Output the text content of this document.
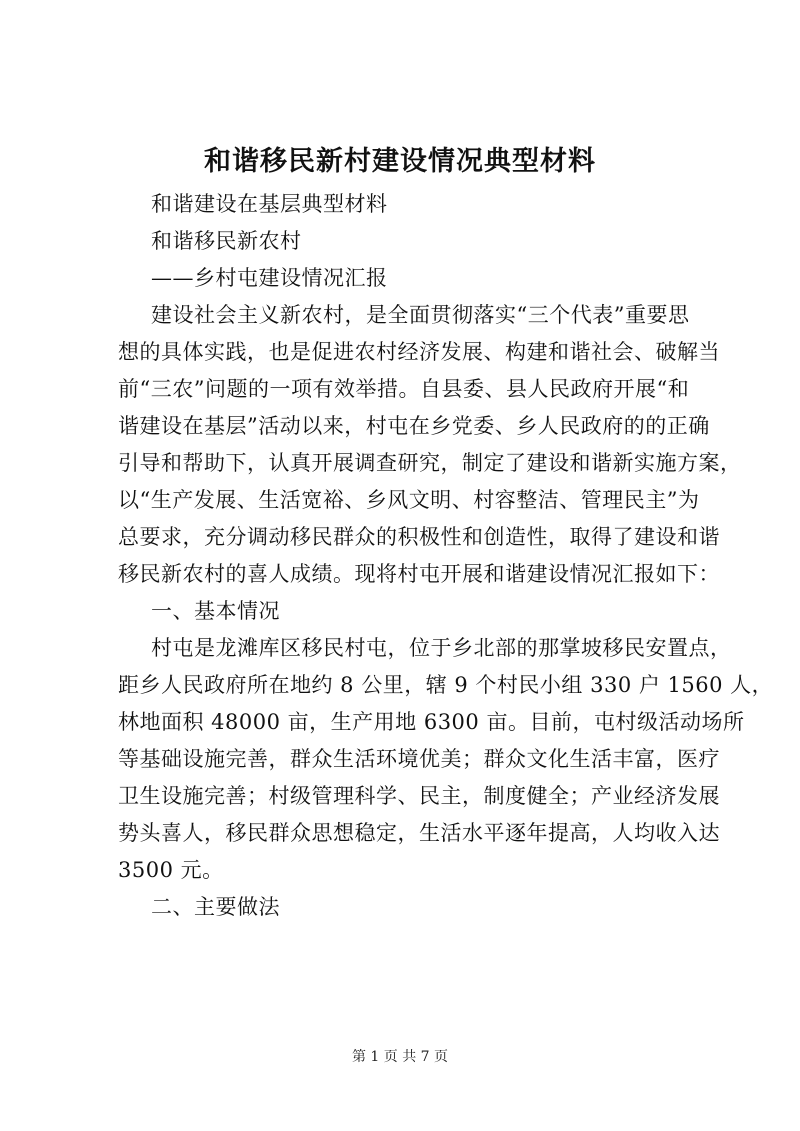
和谐移民新村建设情况典型材料
和谐建设在基层典型材料
和谐移民新农村
——乡村屯建设情况汇报
建设社会主义新农村，是全面贯彻落实“三个代表”重要思
想的具体实践，也是促进农村经济发展、构建和谐社会、破解当
前“三农”问题的一项有效举措。自县委、县人民政府开展“和
谐建设在基层”活动以来，村屯在乡党委、乡人民政府的的正确
引导和帮助下，认真开展调查研究，制定了建设和谐新实施方案，
以“生产发展、生活宽裕、乡风文明、村容整洁、管理民主”为
总要求，充分调动移民群众的积极性和创造性，取得了建设和谐
移民新农村的喜人成绩。现将村屯开展和谐建设情况汇报如下：
一、基本情况
村屯是龙滩库区移民村屯，位于乡北部的那掌坡移民安置点，
距乡人民政府所在地约 8 公里，辖 9 个村民小组 330 户 1560 人，
林地面积 48000 亩，生产用地 6300 亩。目前，屯村级活动场所
等基础设施完善，群众生活环境优美；群众文化生活丰富，医疗
卫生设施完善；村级管理科学、民主，制度健全；产业经济发展
势头喜人，移民群众思想稳定，生活水平逐年提高，人均收入达
3500 元。
二、主要做法
第 1 页 共 7 页
